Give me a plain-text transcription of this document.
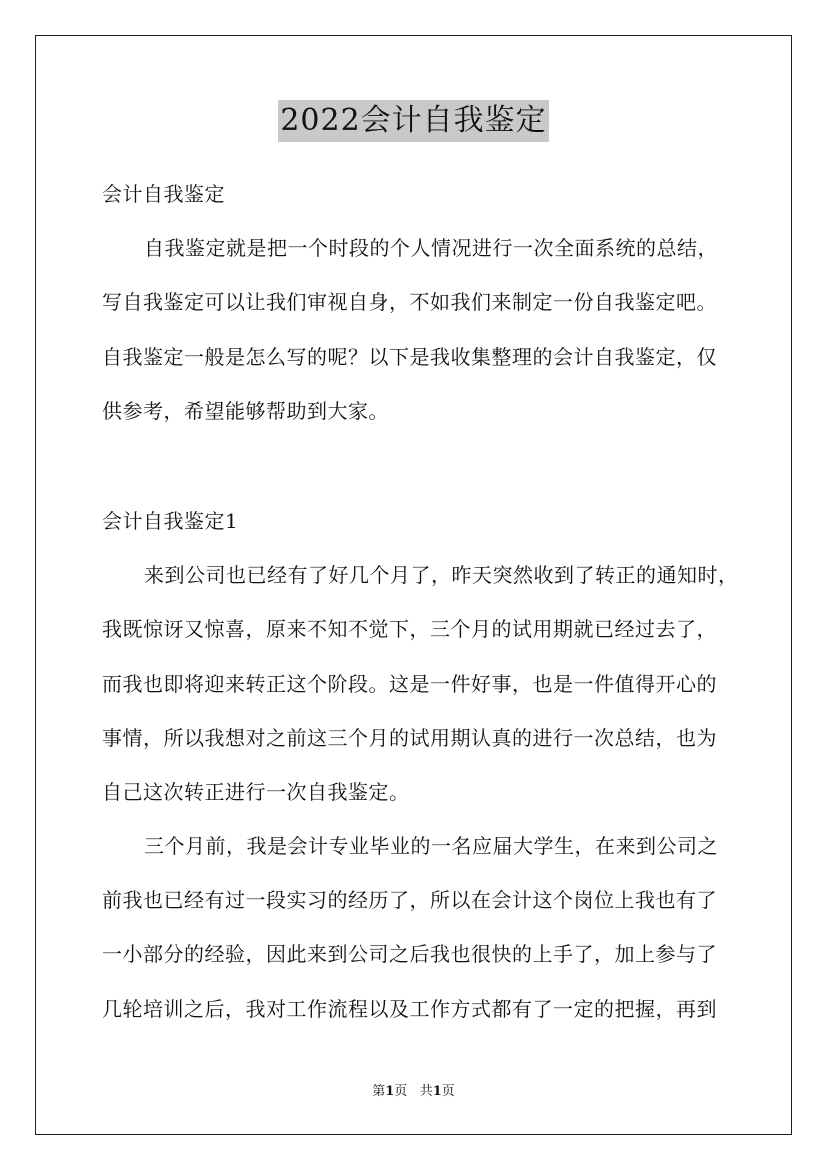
2022会计自我鉴定
会计自我鉴定
自我鉴定就是把一个时段的个人情况进行一次全面系统的总结，
写自我鉴定可以让我们审视自身，不如我们来制定一份自我鉴定吧。
自我鉴定一般是怎么写的呢？以下是我收集整理的会计自我鉴定，仅
供参考，希望能够帮助到大家。
会计自我鉴定1
来到公司也已经有了好几个月了，昨天突然收到了转正的通知时，
我既惊讶又惊喜，原来不知不觉下，三个月的试用期就已经过去了，
而我也即将迎来转正这个阶段。这是一件好事，也是一件值得开心的
事情，所以我想对之前这三个月的试用期认真的进行一次总结，也为
自己这次转正进行一次自我鉴定。
三个月前，我是会计专业毕业的一名应届大学生，在来到公司之
前我也已经有过一段实习的经历了，所以在会计这个岗位上我也有了
一小部分的经验，因此来到公司之后我也很快的上手了，加上参与了
几轮培训之后，我对工作流程以及工作方式都有了一定的把握，再到
第1页 共1页
